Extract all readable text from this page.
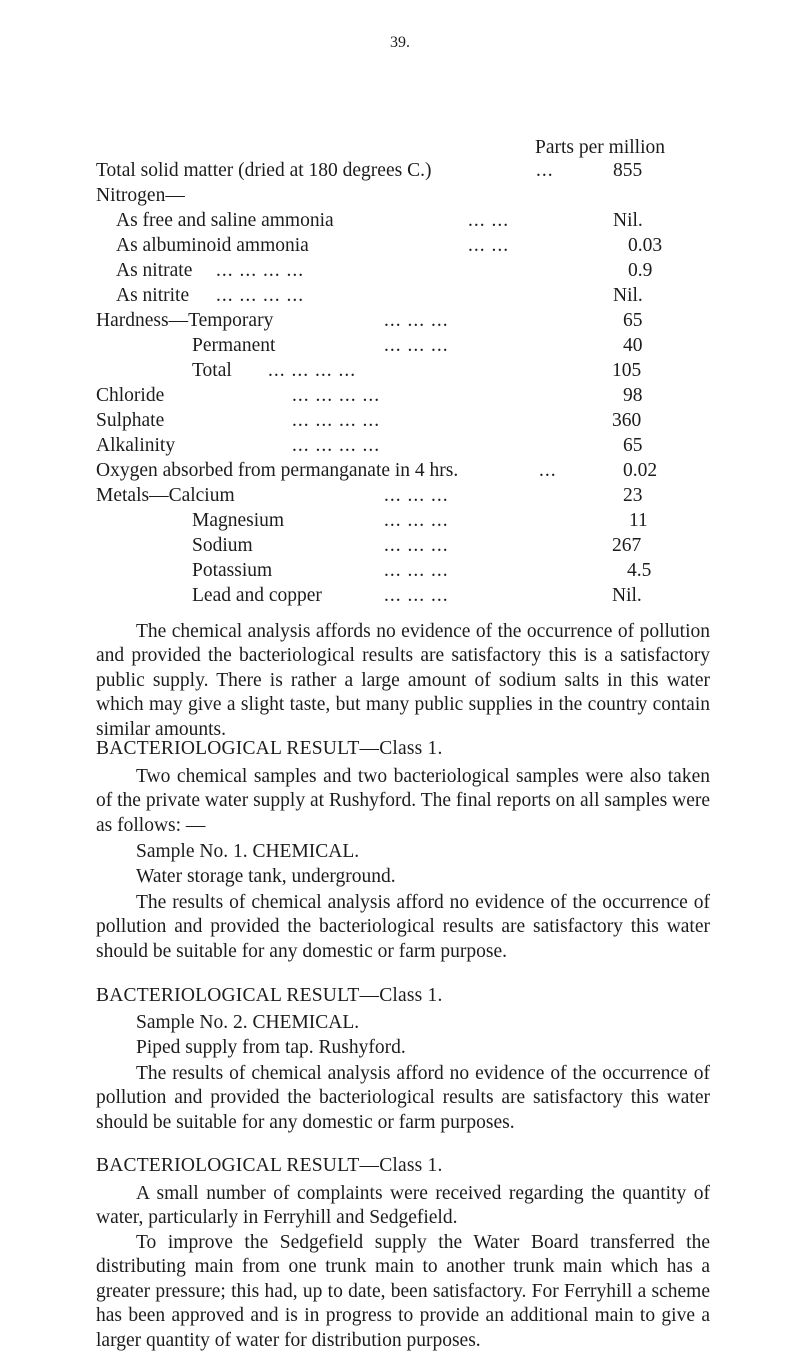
39.
Parts per million
Total solid matter (dried at 180 degrees C.)	...	855
Nitrogen—
As free and saline ammonia	... ...	Nil.
As albuminoid ammonia	... ...	0.03
As nitrate ... ... ... ...	0.9
As nitrite ... ... ... ...	Nil.
Hardness—Temporary	... ... ...	65
Permanent	... ... ...	40
Total ... ... ... ...	105
Chloride	... ... ... ...	98
Sulphate	... ... ... ...	360
Alkalinity	... ... ... ...	65
Oxygen absorbed from permanganate in 4 hrs.	...	0.02
Metals—Calcium	... ... ...	23
Magnesium	... ... ...	11
Sodium	... ... ...	267
Potassium	... ... ...	4.5
Lead and copper	... ... ...	Nil.

The chemical analysis affords no evidence of the occurrence of pollution and provided the bacteriological results are satisfactory this is a satisfactory public supply. There is rather a large amount of sodium salts in this water which may give a slight taste, but many public supplies in the country contain similar amounts.

BACTERIOLOGICAL RESULT—Class 1.

Two chemical samples and two bacteriological samples were also taken of the private water supply at Rushyford. The final reports on all samples were as follows: —

Sample No. 1. CHEMICAL.
Water storage tank, underground.

The results of chemical analysis afford no evidence of the occurrence of pollution and provided the bacteriological results are satisfactory this water should be suitable for any domestic or farm purpose.

BACTERIOLOGICAL RESULT—Class 1.
Sample No. 2. CHEMICAL.
Piped supply from tap. Rushyford.

The results of chemical analysis afford no evidence of the occurrence of pollution and provided the bacteriological results are satisfactory this water should be suitable for any domestic or farm purposes.

BACTERIOLOGICAL RESULT—Class 1.

A small number of complaints were received regarding the quantity of water, particularly in Ferryhill and Sedgefield.

To improve the Sedgefield supply the Water Board transferred the distributing main from one trunk main to another trunk main which has a greater pressure; this had, up to date, been satisfactory. For Ferryhill a scheme has been approved and is in progress to provide an additional main to give a larger quantity of water for distribution purposes.
